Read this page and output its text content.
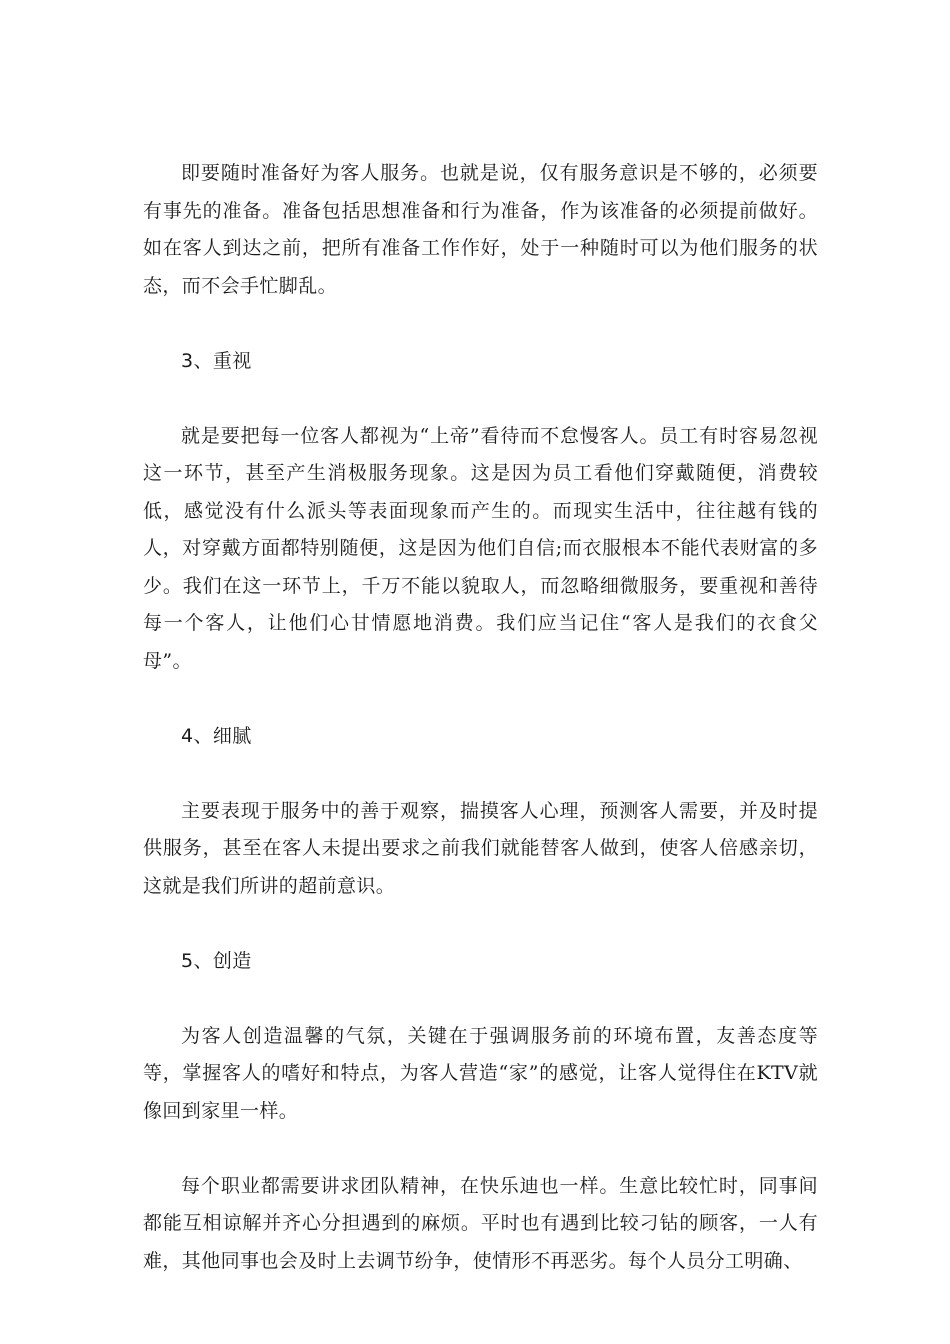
即要随时准备好为客人服务。也就是说，仅有服务意识是不够的，必须要有事先的准备。准备包括思想准备和行为准备，作为该准备的必须提前做好。如在客人到达之前，把所有准备工作作好，处于一种随时可以为他们服务的状态，而不会手忙脚乱。

3、重视

就是要把每一位客人都视为“上帝”看待而不怠慢客人。员工有时容易忽视这一环节，甚至产生消极服务现象。这是因为员工看他们穿戴随便，消费较低，感觉没有什么派头等表面现象而产生的。而现实生活中，往往越有钱的人，对穿戴方面都特别随便，这是因为他们自信;而衣服根本不能代表财富的多少。我们在这一环节上，千万不能以貌取人，而忽略细微服务，要重视和善待每一个客人，让他们心甘情愿地消费。我们应当记住“客人是我们的衣食父母”。

4、细腻

主要表现于服务中的善于观察，揣摸客人心理，预测客人需要，并及时提供服务，甚至在客人未提出要求之前我们就能替客人做到，使客人倍感亲切，这就是我们所讲的超前意识。

5、创造

为客人创造温馨的气氛，关键在于强调服务前的环境布置，友善态度等等，掌握客人的嗜好和特点，为客人营造“家”的感觉，让客人觉得住在KTV就像回到家里一样。

每个职业都需要讲求团队精神，在快乐迪也一样。生意比较忙时，同事间都能互相谅解并齐心分担遇到的麻烦。平时也有遇到比较刁钻的顾客，一人有难，其他同事也会及时上去调节纷争，使情形不再恶劣。每个人员分工明确、
